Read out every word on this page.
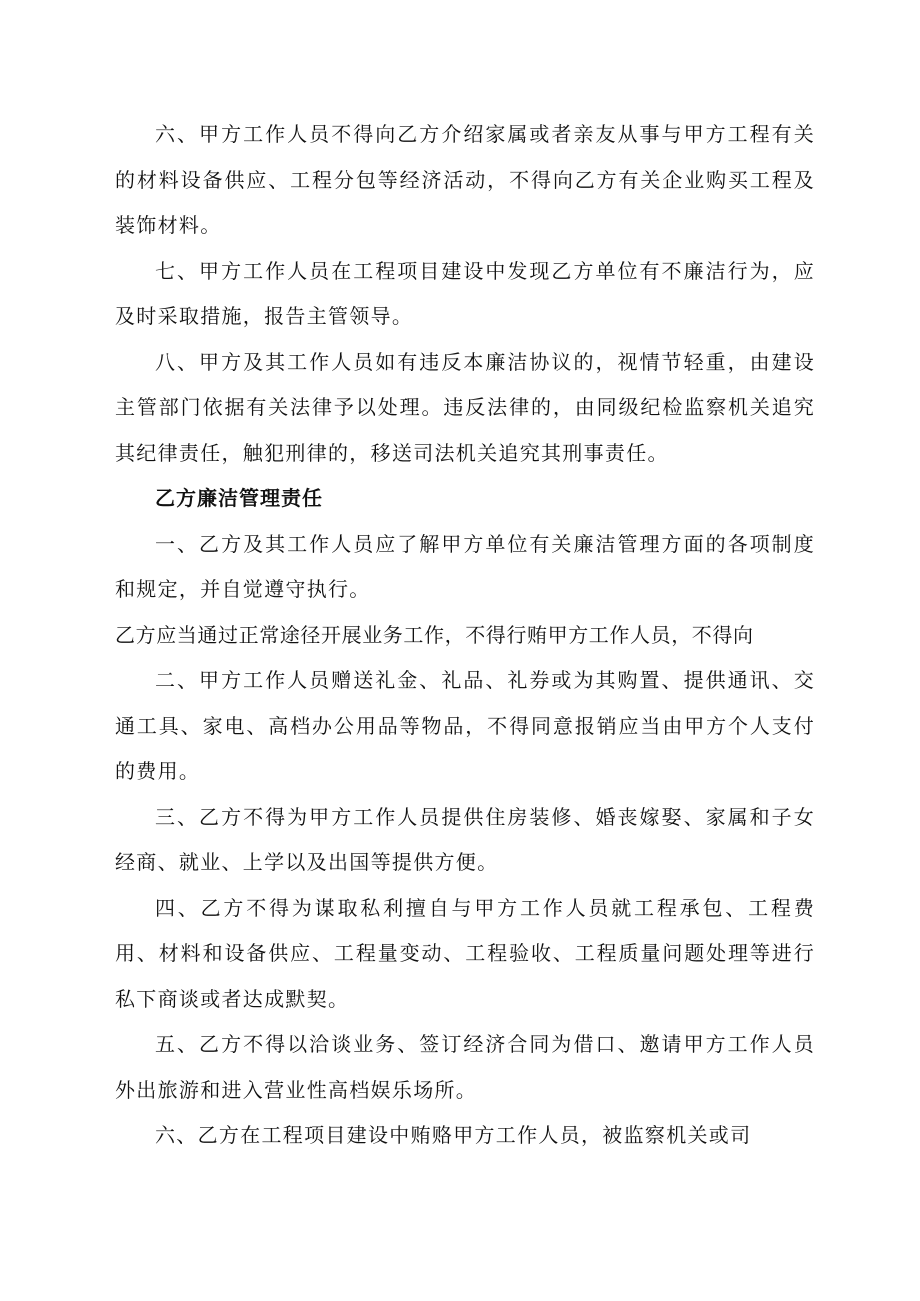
六、甲方工作人员不得向乙方介绍家属或者亲友从事与甲方工程有关的材料设备供应、工程分包等经济活动，不得向乙方有关企业购买工程及装饰材料。

七、甲方工作人员在工程项目建设中发现乙方单位有不廉洁行为，应及时采取措施，报告主管领导。

八、甲方及其工作人员如有违反本廉洁协议的，视情节轻重，由建设主管部门依据有关法律予以处理。违反法律的，由同级纪检监察机关追究其纪律责任，触犯刑律的，移送司法机关追究其刑事责任。

乙方廉洁管理责任

一、乙方及其工作人员应了解甲方单位有关廉洁管理方面的各项制度和规定，并自觉遵守执行。

乙方应当通过正常途径开展业务工作，不得行贿甲方工作人员，不得向

二、甲方工作人员赠送礼金、礼品、礼券或为其购置、提供通讯、交通工具、家电、高档办公用品等物品，不得同意报销应当由甲方个人支付的费用。

三、乙方不得为甲方工作人员提供住房装修、婚丧嫁娶、家属和子女经商、就业、上学以及出国等提供方便。

四、乙方不得为谋取私利擅自与甲方工作人员就工程承包、工程费用、材料和设备供应、工程量变动、工程验收、工程质量问题处理等进行私下商谈或者达成默契。

五、乙方不得以洽谈业务、签订经济合同为借口、邀请甲方工作人员外出旅游和进入营业性高档娱乐场所。

六、乙方在工程项目建设中贿赂甲方工作人员，被监察机关或司
